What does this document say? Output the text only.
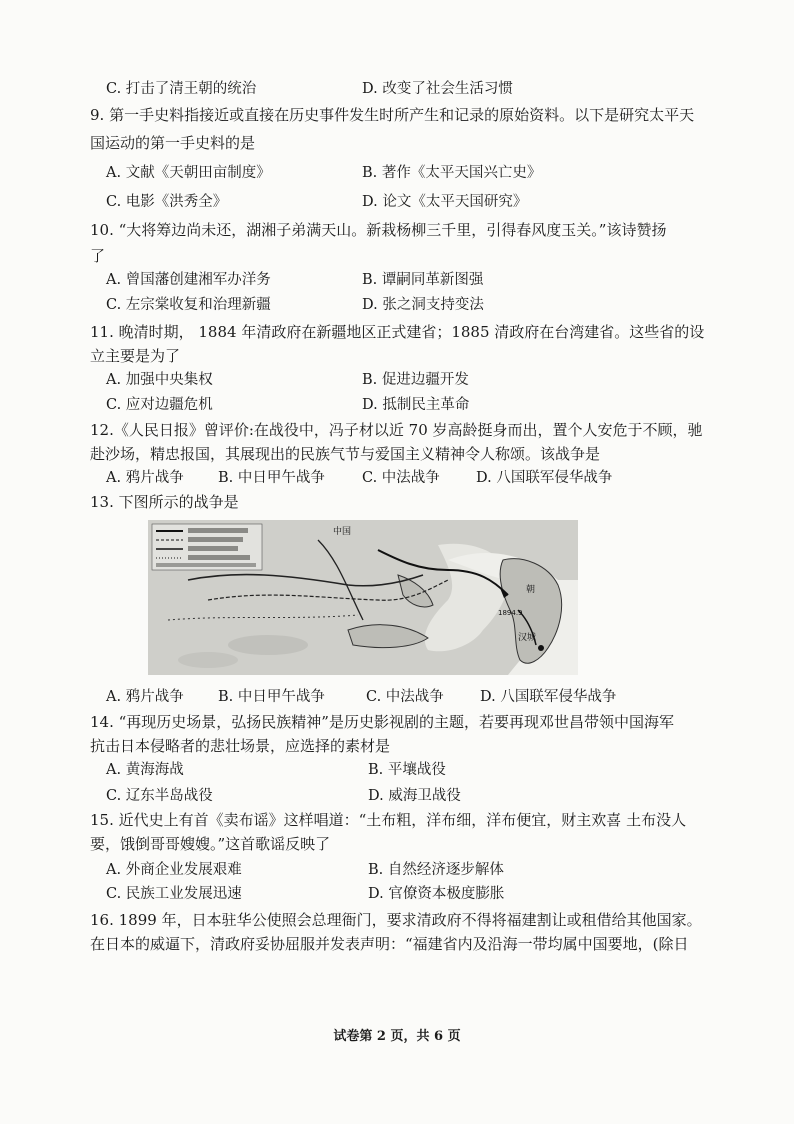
C. 打击了清王朝的统治	D. 改变了社会生活习惯
9. 第一手史料指接近或直接在历史事件发生时所产生和记录的原始资料。以下是研究太平天
国运动的第一手史料的是
A. 文献《天朝田亩制度》	B. 著作《太平天国兴亡史》
C. 电影《洪秀全》	D. 论文《太平天国研究》
10. “大将筹边尚未还，湖湘子弟满天山。新栽杨柳三千里，引得春风度玉关。”该诗赞扬
了
A. 曾国藩创建湘军办洋务	B. 谭嗣同革新图强
C. 左宗棠收复和治理新疆	D. 张之洞支持变法
11. 晚清时期， 1884 年清政府在新疆地区正式建省；1885 清政府在台湾建省。这些省的设
立主要是为了
A. 加强中央集权	B. 促进边疆开发
C. 应对边疆危机	D. 抵制民主革命
12.《人民日报》曾评价:在战役中，冯子材以近 70 岁高龄挺身而出，置个人安危于不顾，驰
赴沙场，精忠报国，其展现出的民族气节与爱国主义精神令人称颂。该战争是
A. 鸦片战争 B. 中日甲午战争	C. 中法战争 D. 八国联军侵华战争
13. 下图所示的战争是
中国
朝
1894.9
汉城
A. 鸦片战争 B. 中日甲午战争	C. 中法战争 D. 八国联军侵华战争
14. “再现历史场景，弘扬民族精神”是历史影视剧的主题，若要再现邓世昌带领中国海军
抗击日本侵略者的悲壮场景，应选择的素材是
A. 黄海海战	B. 平壤战役
C. 辽东半岛战役	D. 威海卫战役
15. 近代史上有首《卖布谣》这样唱道：“土布粗，洋布细，洋布便宜，财主欢喜 土布没人
要，饿倒哥哥嫂嫂。”这首歌谣反映了
A. 外商企业发展艰难	B. 自然经济逐步解体
C. 民族工业发展迅速	D. 官僚资本极度膨胀
16. 1899 年，日本驻华公使照会总理衙门，要求清政府不得将福建割让或租借给其他国家。
在日本的威逼下，清政府妥协屈服并发表声明：“福建省内及沿海一带均属中国要地，(除日
试卷第 2 页，共 6 页
